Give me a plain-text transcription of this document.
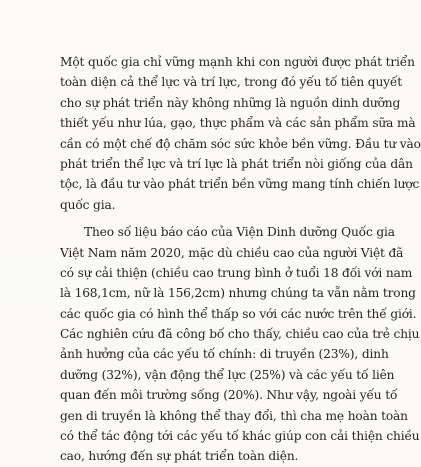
Một quốc gia chỉ vững mạnh khi con người được phát triển
toàn diện cả thể lực và trí lực, trong đó yếu tố tiên quyết
cho sự phát triển này không những là nguồn dinh dưỡng
thiết yếu như lúa, gạo, thực phẩm và các sản phẩm sữa mà
cần có một chế độ chăm sóc sức khỏe bền vững. Đầu tư vào
phát triển thể lực và trí lực là phát triển nòi giống của dân
tộc, là đầu tư vào phát triển bền vững mang tính chiến lược
quốc gia.
Theo số liệu báo cáo của Viện Dinh dưỡng Quốc gia
Việt Nam năm 2020, mặc dù chiều cao của người Việt đã
có sự cải thiện (chiều cao trung bình ở tuổi 18 đối với nam
là 168,1cm, nữ là 156,2cm) nhưng chúng ta vẫn nằm trong
các quốc gia có hình thể thấp so với các nước trên thế giới.
Các nghiên cứu đã công bố cho thấy, chiều cao của trẻ chịu
ảnh hưởng của các yếu tố chính: di truyền (23%), dinh
dưỡng (32%), vận động thể lực (25%) và các yếu tố liên
quan đến môi trường sống (20%). Như vậy, ngoài yếu tố
gen di truyền là không thể thay đổi, thì cha mẹ hoàn toàn
có thể tác động tới các yếu tố khác giúp con cải thiện chiều
cao, hướng đến sự phát triển toàn diện.
